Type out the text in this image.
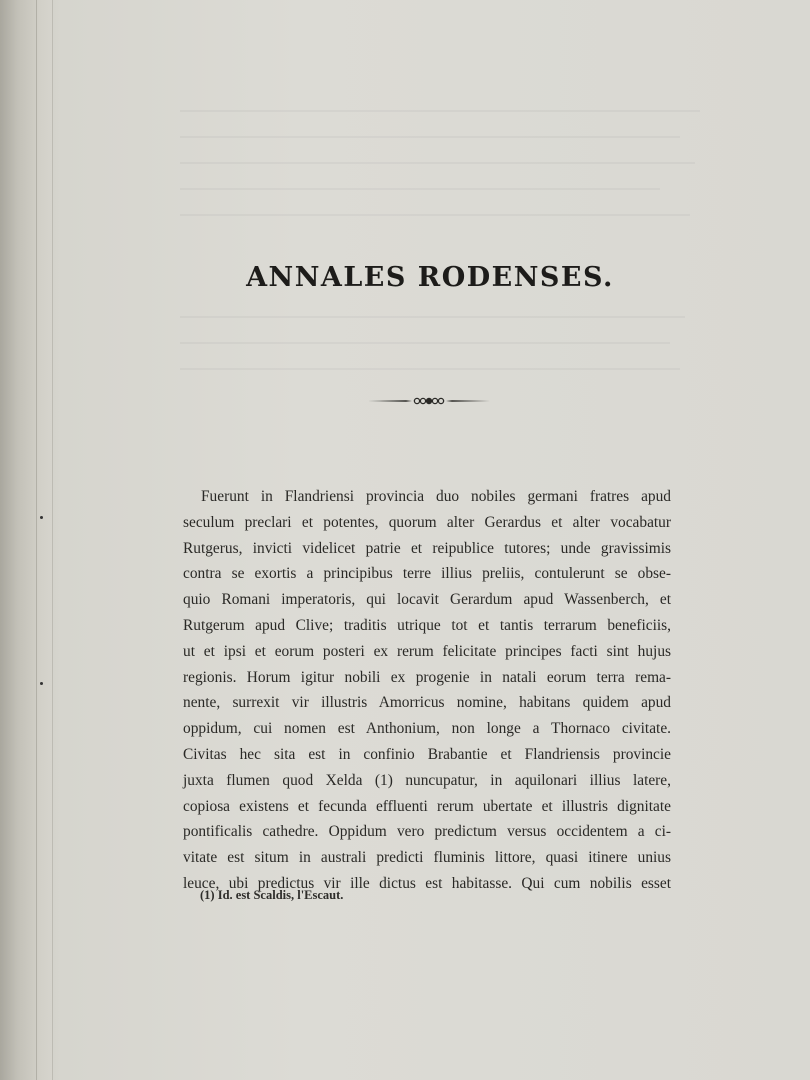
ANNALES RODENSES.
Fuerunt in Flandriensi provincia duo nobiles germani fratres apud
seculum preclari et potentes, quorum alter Gerardus et alter vocabatur
Rutgerus, invicti videlicet patrie et reipublice tutores; unde gravissimis
contra se exortis a principibus terre illius preliis, contulerunt se obse-
quio Romani imperatoris, qui locavit Gerardum apud Wassenberch, et
Rutgerum apud Clive; traditis utrique tot et tantis terrarum beneficiis,
ut et ipsi et eorum posteri ex rerum felicitate principes facti sint hujus
regionis. Horum igitur nobili ex progenie in natali eorum terra rema-
nente, surrexit vir illustris Amorricus nomine, habitans quidem apud
oppidum, cui nomen est Anthonium, non longe a Thornaco civitate.
Civitas hec sita est in confinio Brabantie et Flandriensis provincie
juxta flumen quod Xelda (1) nuncupatur, in aquilonari illius latere,
copiosa existens et fecunda effluenti rerum ubertate et illustris dignitate
pontificalis cathedre. Oppidum vero predictum versus occidentem a ci-
vitate est situm in australi predicti fluminis littore, quasi itinere unius
leuce, ubi predictus vir ille dictus est habitasse. Qui cum nobilis esset
(1) Id. est Scaldis, l'Escaut.
